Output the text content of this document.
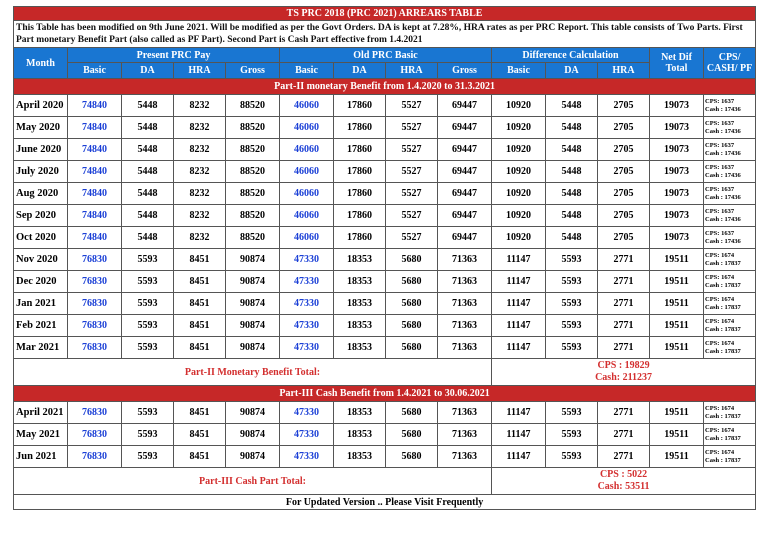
TS PRC 2018 (PRC 2021) ARREARS TABLE													
This Table has been modified on 9th June 2021. Will be modified as per the Govt Orders. DA is kept at 7.28%, HRA rates as per PRC Report. This table consists of Two Parts. First Part monetary Benefit Part (also called as PF Part). Second Part is Cash Part effective from 1.4.2021													
Month	Present PRC Pay				Old PRC Basic				Difference Calculation			Net Dif Total	CPS/ CASH/ PF
	Basic	DA	HRA	Gross	Basic	DA	HRA	Gross	Basic	DA	HRA		
Part-II monetary Benefit from 1.4.2020 to 31.3.2021													
April 2020	74840	5448	8232	88520	46060	17860	5527	69447	10920	5448	2705	19073	CPS: 1637
Cash : 17436

May 2020	74840	5448	8232	88520	46060	17860	5527	69447	10920	5448	2705	19073	CPS: 1637
Cash : 17436

June 2020	74840	5448	8232	88520	46060	17860	5527	69447	10920	5448	2705	19073	CPS: 1637
Cash : 17436

July 2020	74840	5448	8232	88520	46060	17860	5527	69447	10920	5448	2705	19073	CPS: 1637
Cash : 17436

Aug 2020	74840	5448	8232	88520	46060	17860	5527	69447	10920	5448	2705	19073	CPS: 1637
Cash : 17436

Sep 2020	74840	5448	8232	88520	46060	17860	5527	69447	10920	5448	2705	19073	CPS: 1637
Cash : 17436

Oct 2020	74840	5448	8232	88520	46060	17860	5527	69447	10920	5448	2705	19073	CPS: 1637
Cash : 17436

Nov 2020	76830	5593	8451	90874	47330	18353	5680	71363	11147	5593	2771	19511	CPS: 1674
Cash : 17837

Dec 2020	76830	5593	8451	90874	47330	18353	5680	71363	11147	5593	2771	19511	CPS: 1674
Cash : 17837

Jan 2021	76830	5593	8451	90874	47330	18353	5680	71363	11147	5593	2771	19511	CPS: 1674
Cash : 17837

Feb 2021	76830	5593	8451	90874	47330	18353	5680	71363	11147	5593	2771	19511	CPS: 1674
Cash : 17837

Mar 2021	76830	5593	8451	90874	47330	18353	5680	71363	11147	5593	2771	19511	CPS: 1674
Cash : 17837

Part-II Monetary Benefit Total:									CPS : 19829
Cash: 211237				

Part-III Cash Benefit from 1.4.2021 to 30.06.2021													
April 2021	76830	5593	8451	90874	47330	18353	5680	71363	11147	5593	2771	19511	CPS: 1674
Cash : 17837

May 2021	76830	5593	8451	90874	47330	18353	5680	71363	11147	5593	2771	19511	CPS: 1674
Cash : 17837

Jun 2021	76830	5593	8451	90874	47330	18353	5680	71363	11147	5593	2771	19511	CPS: 1674
Cash : 17837

Part-III Cash Part Total:									CPS : 5022
Cash: 53511				

For Updated Version .. Please Visit Frequently													
